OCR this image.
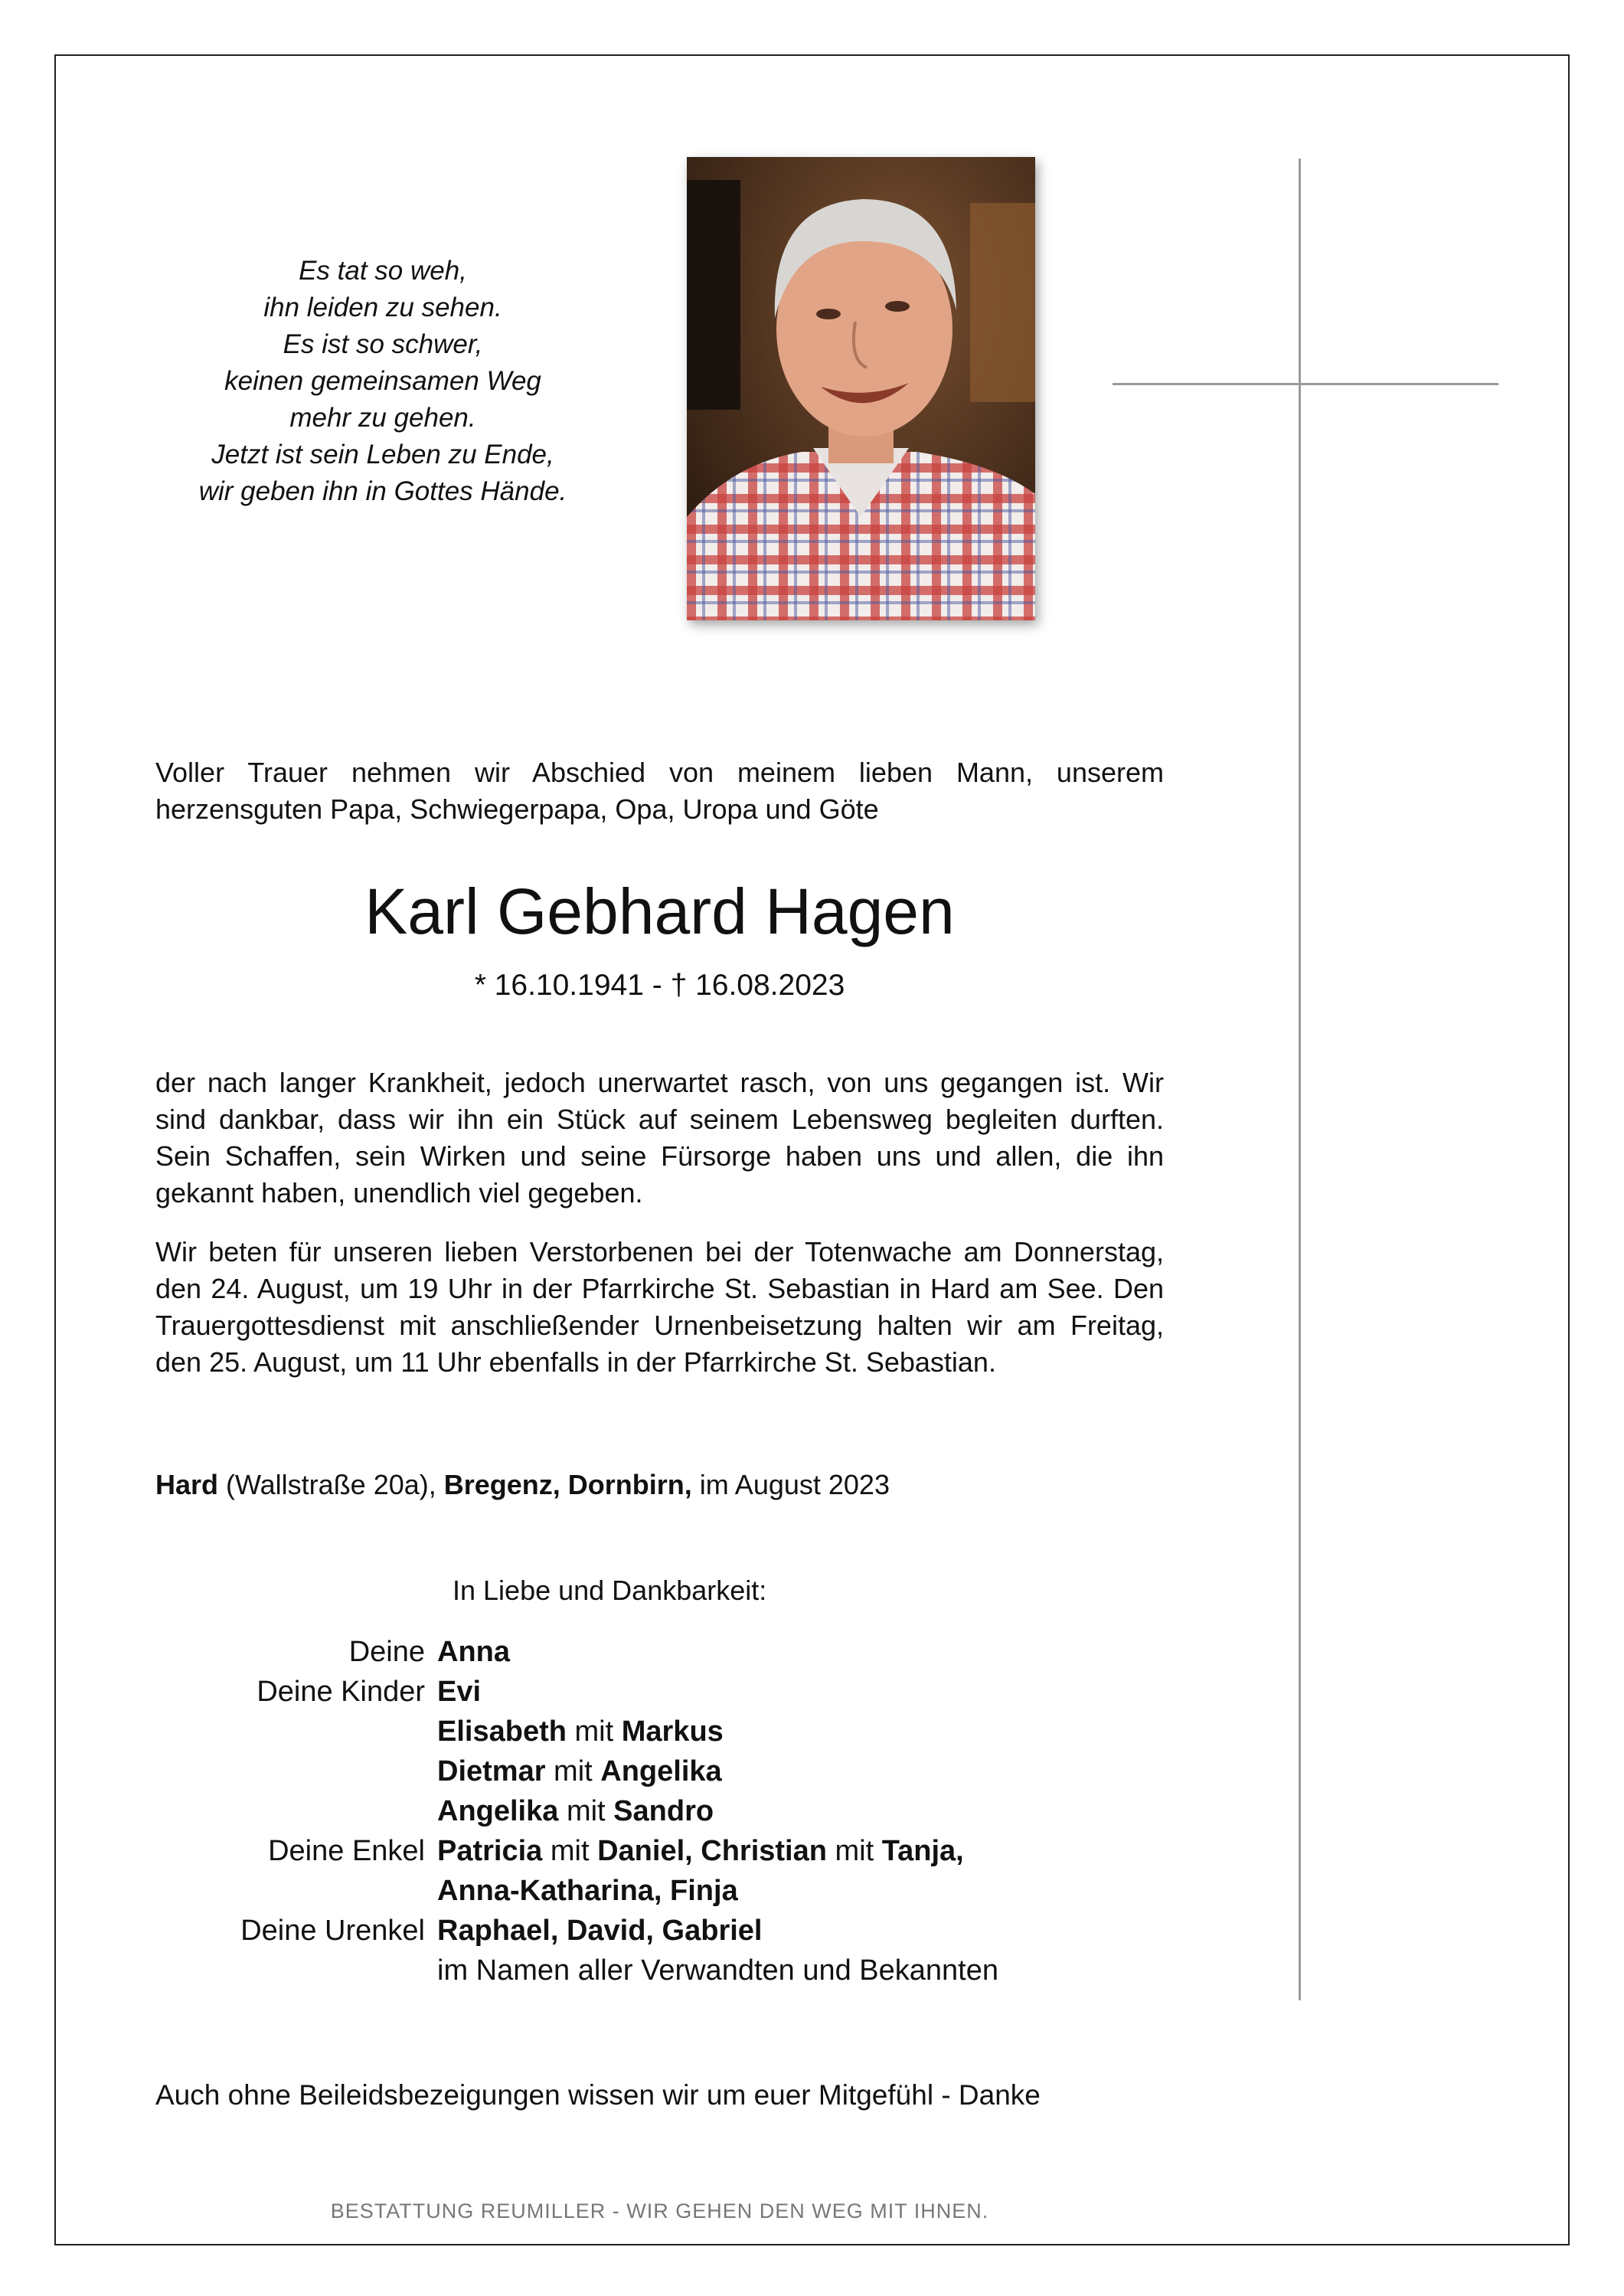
Es tat so weh,
ihn leiden zu sehen.
Es ist so schwer,
keinen gemeinsamen Weg
mehr zu gehen.
Jetzt ist sein Leben zu Ende,
wir geben ihn in Gottes Hände.
Voller Trauer nehmen wir Abschied von meinem lieben Mann, unserem herzensguten Papa, Schwiegerpapa, Opa, Uropa und Göte
Karl Gebhard Hagen
* 16.10.1941 - † 16.08.2023
der nach langer Krankheit, jedoch unerwartet rasch, von uns gegangen ist. Wir sind dankbar, dass wir ihn ein Stück auf seinem Lebensweg begleiten durften. Sein Schaffen, sein Wirken und seine Fürsorge haben uns und allen, die ihn gekannt haben, unendlich viel gegeben.
Wir beten für unseren lieben Verstorbenen bei der Totenwache am Donnerstag, den 24. August, um 19 Uhr in der Pfarrkirche St. Sebastian in Hard am See. Den Trauergottesdienst mit anschließender Urnenbeisetzung halten wir am Freitag, den 25. August, um 11 Uhr ebenfalls in der Pfarrkirche St. Sebastian.
Hard (Wallstraße 20a), Bregenz, Dornbirn, im August 2023
In Liebe und Dankbarkeit:
Deine Anna
Deine Kinder Evi
Elisabeth mit Markus
Dietmar mit Angelika
Angelika mit Sandro
Deine Enkel Patricia mit Daniel, Christian mit Tanja,
Anna-Katharina, Finja
Deine Urenkel Raphael, David, Gabriel
im Namen aller Verwandten und Bekannten
Auch ohne Beileidsbezeigungen wissen wir um euer Mitgefühl - Danke
BESTATTUNG REUMILLER - WIR GEHEN DEN WEG MIT IHNEN.
